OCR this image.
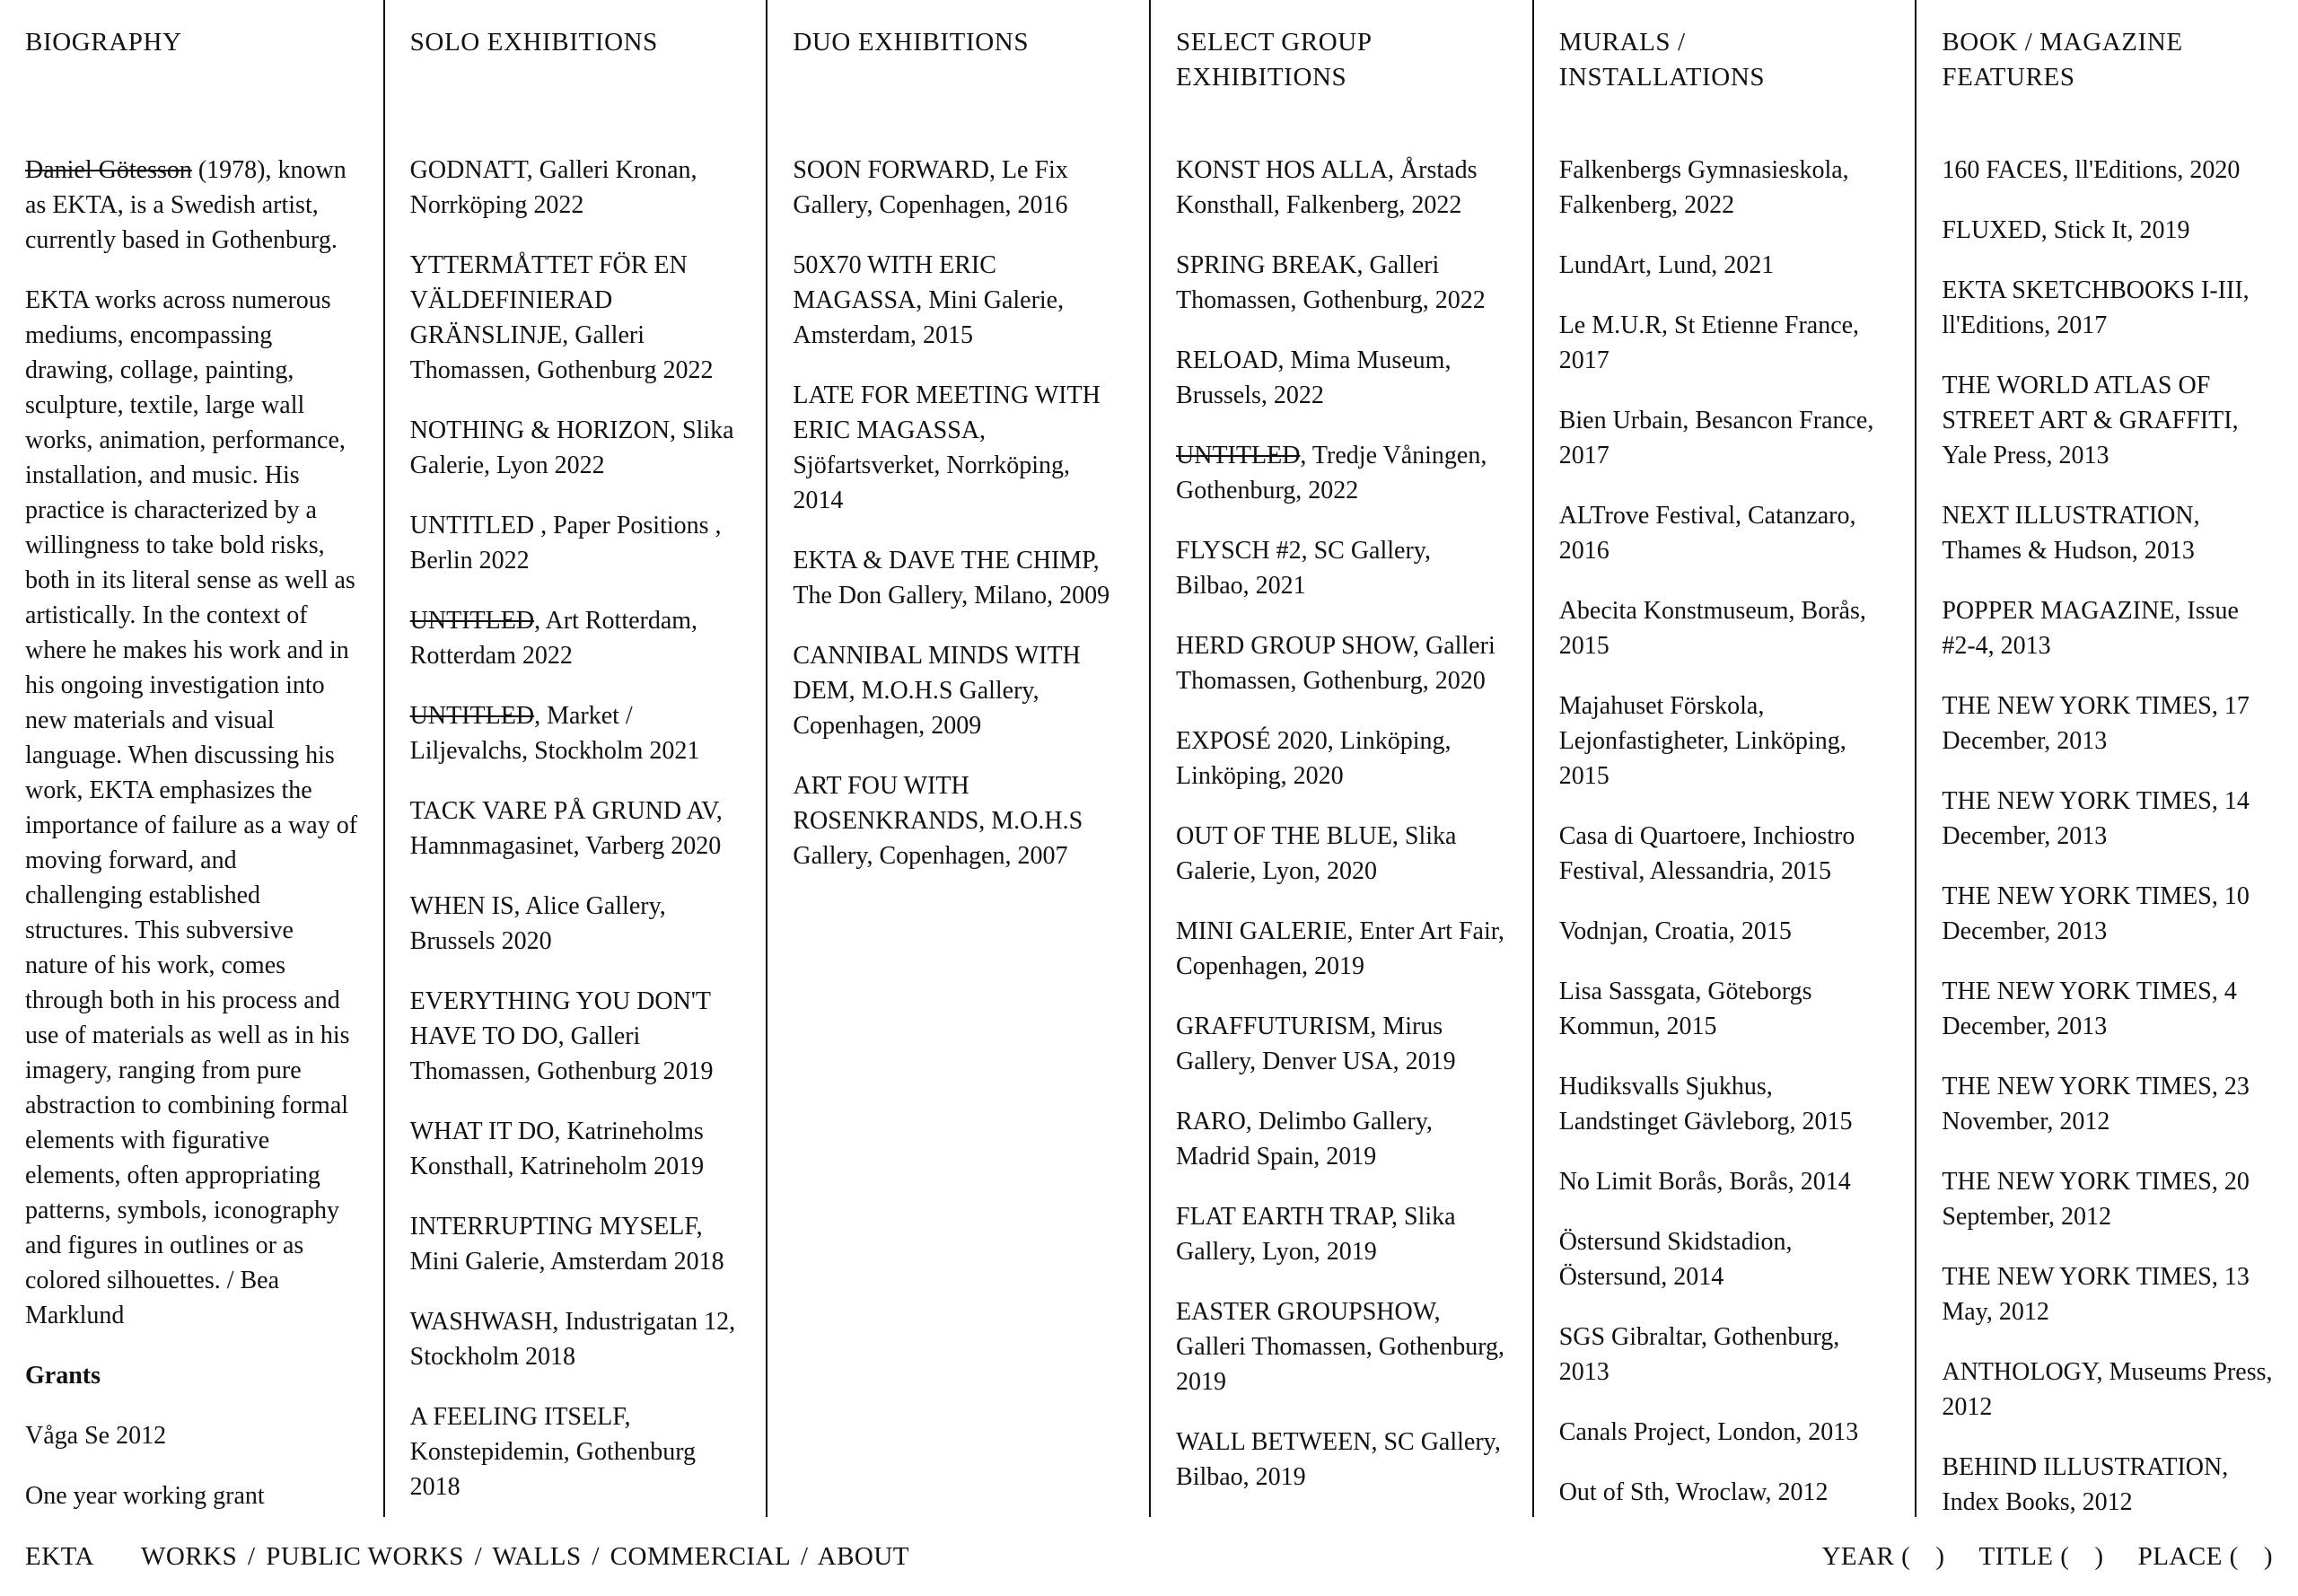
BIOGRAPHY

Daniel Götesson (1978), known as EKTA, is a Swedish artist, currently based in Gothenburg.

EKTA works across numerous mediums, encompassing drawing, collage, painting, sculpture, textile, large wall works, animation, performance, installation, and music. His practice is characterized by a willingness to take bold risks, both in its literal sense as well as artistically. In the context of where he makes his work and in his ongoing investigation into new materials and visual language. When discussing his work, EKTA emphasizes the importance of failure as a way of moving forward, and challenging established structures. This subversive nature of his work, comes through both in his process and use of materials as well as in his imagery, ranging from pure abstraction to combining formal elements with figurative elements, often appropriating patterns, symbols, iconography and figures in outlines or as colored silhouettes. / Bea Marklund

Grants

Våga Se 2012

One year working grant

SOLO EXHIBITIONS
GODNATT, Galleri Kronan, Norrköping 2022
YTTERMÅTTET FÖR EN VÄLDEFINIERAD GRÄNSLINJE, Galleri Thomassen, Gothenburg 2022
NOTHING & HORIZON, Slika Galerie, Lyon 2022
UNTITLED , Paper Positions , Berlin 2022
UNTITLED, Art Rotterdam, Rotterdam 2022
UNTITLED, Market / Liljevalchs, Stockholm 2021
TACK VARE PÅ GRUND AV, Hamnmagasinet, Varberg 2020
WHEN IS, Alice Gallery, Brussels 2020
EVERYTHING YOU DON'T HAVE TO DO, Galleri Thomassen, Gothenburg 2019
WHAT IT DO, Katrineholms Konsthall, Katrineholm 2019
INTERRUPTING MYSELF, Mini Galerie, Amsterdam 2018
WASHWASH, Industrigatan 12, Stockholm 2018
A FEELING ITSELF, Konstepidemin, Gothenburg 2018
DUO EXHIBITIONS
SOON FORWARD, Le Fix Gallery, Copenhagen, 2016
50X70 WITH ERIC MAGASSA, Mini Galerie, Amsterdam, 2015
LATE FOR MEETING WITH ERIC MAGASSA, Sjöfartsverket, Norrköping, 2014
EKTA & DAVE THE CHIMP, The Don Gallery, Milano, 2009
CANNIBAL MINDS WITH DEM, M.O.H.S Gallery, Copenhagen, 2009
ART FOU WITH ROSENKRANDS, M.O.H.S Gallery, Copenhagen, 2007
SELECT GROUP EXHIBITIONS
KONST HOS ALLA, Årstads Konsthall, Falkenberg, 2022
SPRING BREAK, Galleri Thomassen, Gothenburg, 2022
RELOAD, Mima Museum, Brussels, 2022
UNTITLED, Tredje Våningen, Gothenburg, 2022
FLYSCH #2, SC Gallery, Bilbao, 2021
HERD GROUP SHOW, Galleri Thomassen, Gothenburg, 2020
EXPOSÉ 2020, Linköping, Linköping, 2020
OUT OF THE BLUE, Slika Galerie, Lyon, 2020
MINI GALERIE, Enter Art Fair, Copenhagen, 2019
GRAFFUTURISM, Mirus Gallery, Denver USA, 2019
RARO, Delimbo Gallery, Madrid Spain, 2019
FLAT EARTH TRAP, Slika Gallery, Lyon, 2019
EASTER GROUPSHOW, Galleri Thomassen, Gothenburg, 2019
WALL BETWEEN, SC Gallery, Bilbao, 2019
MURALS / INSTALLATIONS
Falkenbergs Gymnasieskola, Falkenberg, 2022
LundArt, Lund, 2021
Le M.U.R, St Etienne France, 2017
Bien Urbain, Besancon France, 2017
ALTrove Festival, Catanzaro, 2016
Abecita Konstmuseum, Borås, 2015
Majahuset Förskola, Lejonfastigheter, Linköping, 2015
Casa di Quartoere, Inchiostro Festival, Alessandria, 2015
Vodnjan, Croatia, 2015
Lisa Sassgata, Göteborgs Kommun, 2015
Hudiksvalls Sjukhus, Landstinget Gävleborg, 2015
No Limit Borås, Borås, 2014
Östersund Skidstadion, Östersund, 2014
SGS Gibraltar, Gothenburg, 2013
Canals Project, London, 2013
Out of Sth, Wroclaw, 2012
BOOK / MAGAZINE FEATURES
160 FACES, ll'Editions, 2020
FLUXED, Stick It, 2019
EKTA SKETCHBOOKS I-III, ll'Editions, 2017
THE WORLD ATLAS OF STREET ART & GRAFFITI, Yale Press, 2013
NEXT ILLUSTRATION, Thames & Hudson, 2013
POPPER MAGAZINE, Issue #2-4, 2013
THE NEW YORK TIMES, 17 December, 2013
THE NEW YORK TIMES, 14 December, 2013
THE NEW YORK TIMES, 10 December, 2013
THE NEW YORK TIMES, 4 December, 2013
THE NEW YORK TIMES, 23 November, 2012
THE NEW YORK TIMES, 20 September, 2012
THE NEW YORK TIMES, 13 May, 2012
ANTHOLOGY, Museums Press, 2012
BEHIND ILLUSTRATION, Index Books, 2012
EKTA WORKS / PUBLIC WORKS / WALLS / COMMERCIAL / ABOUT	YEAR ( ) TITLE ( ) PLACE ( )
